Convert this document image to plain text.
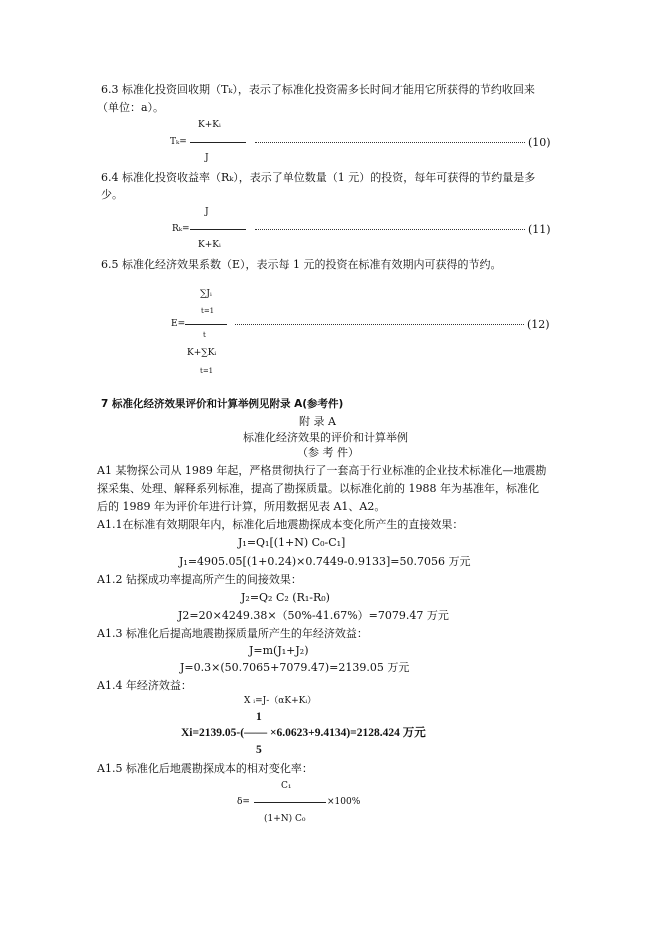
6.3 标准化投资回收期（Tₖ），表示了标准化投资需多长时间才能用它所获得的节约收回来
（单位：a）。
K+Kᵢ
Tₖ=	(10)
J
6.4 标准化投资收益率（Rₖ），表示了单位数量（1 元）的投资，每年可获得的节约量是多
少。
J
Rₖ=	(11)
K+Kᵢ
6.5 标准化经济效果系数（E），表示每 1 元的投资在标准有效期内可获得的节约。
∑Jᵢ
t=1
E=	(12)
t
K+∑Kᵢ
t=1
7 标准化经济效果评价和计算举例见附录 A(参考件)
附 录 A
标准化经济效果的评价和计算举例
（参 考 件）
A1 某物探公司从 1989 年起，严格贯彻执行了一套高于行业标准的企业技术标准化—地震勘
探采集、处理、解释系列标准，提高了勘探质量。以标准化前的 1988 年为基准年，标准化
后的 1989 年为评价年进行计算，所用数据见表 A1、A2。
A1.1在标准有效期限年内，标准化后地震勘探成本变化所产生的直接效果：
J₁=Q₁[(1+N) C₀-C₁]
J₁=4905.05[(1+0.24)×0.7449-0.9133]=50.7056 万元
A1.2 钻探成功率提高所产生的间接效果：
J₂=Q₂ C₂ (R₁-R₀)
J2=20×4249.38×（50%-41.67%）=7079.47 万元
A1.3 标准化后提高地震勘探质量所产生的年经济效益：
J=m(J₁+J₂)
J=0.3×(50.7065+7079.47)=2139.05 万元
A1.4 年经济效益：
X ᵢ=J-（αK+Kᵢ）
1
Xi=2139.05-(—— ×6.0623+9.4134)=2128.424 万元
5
A1.5 标准化后地震勘探成本的相对变化率：
C₁
δ=	×100%
(1+N) C₀
